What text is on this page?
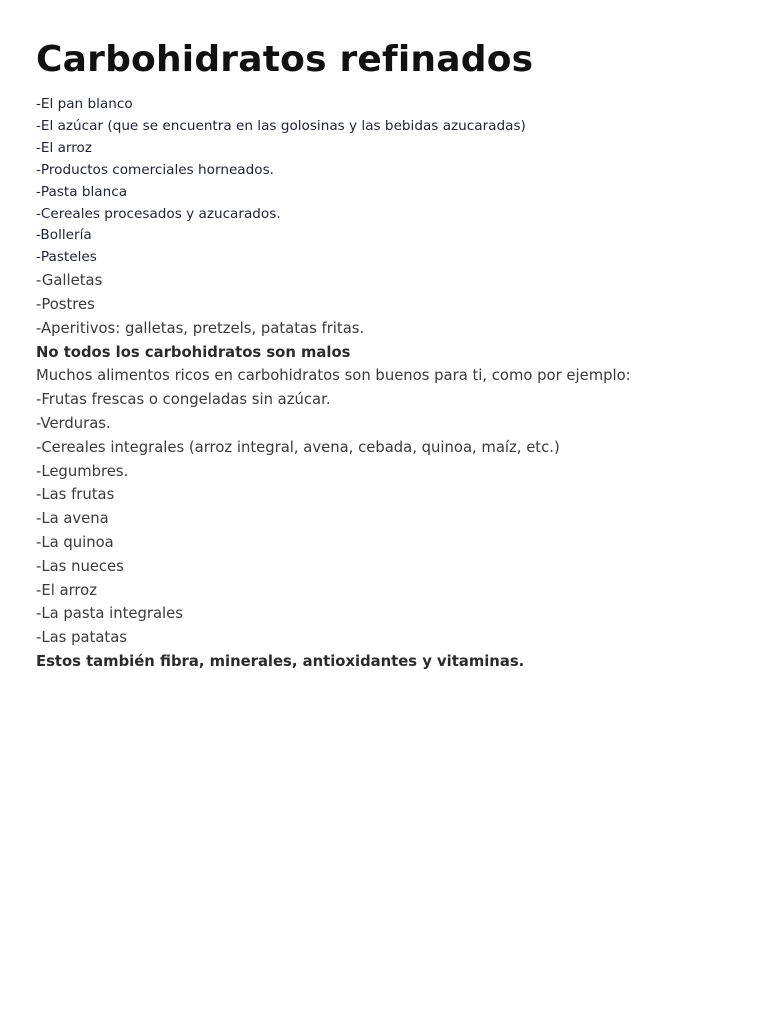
Carbohidratos refinados
-El pan blanco
-El azúcar (que se encuentra en las golosinas y las bebidas azucaradas)
-El arroz
-Productos comerciales horneados.
-Pasta blanca
-Cereales procesados y azucarados.
-Bollería
-Pasteles
-Galletas
-Postres
-Aperitivos: galletas, pretzels, patatas fritas.
No todos los carbohidratos son malos
Muchos alimentos ricos en carbohidratos son buenos para ti, como por ejemplo:
-Frutas frescas o congeladas sin azúcar.
-Verduras.
-Cereales integrales (arroz integral, avena, cebada, quinoa, maíz, etc.)
-Legumbres.
-Las frutas
-La avena
-La quinoa
-Las nueces
-El arroz
-La pasta integrales
-Las patatas
Estos también fibra, minerales, antioxidantes y vitaminas.
